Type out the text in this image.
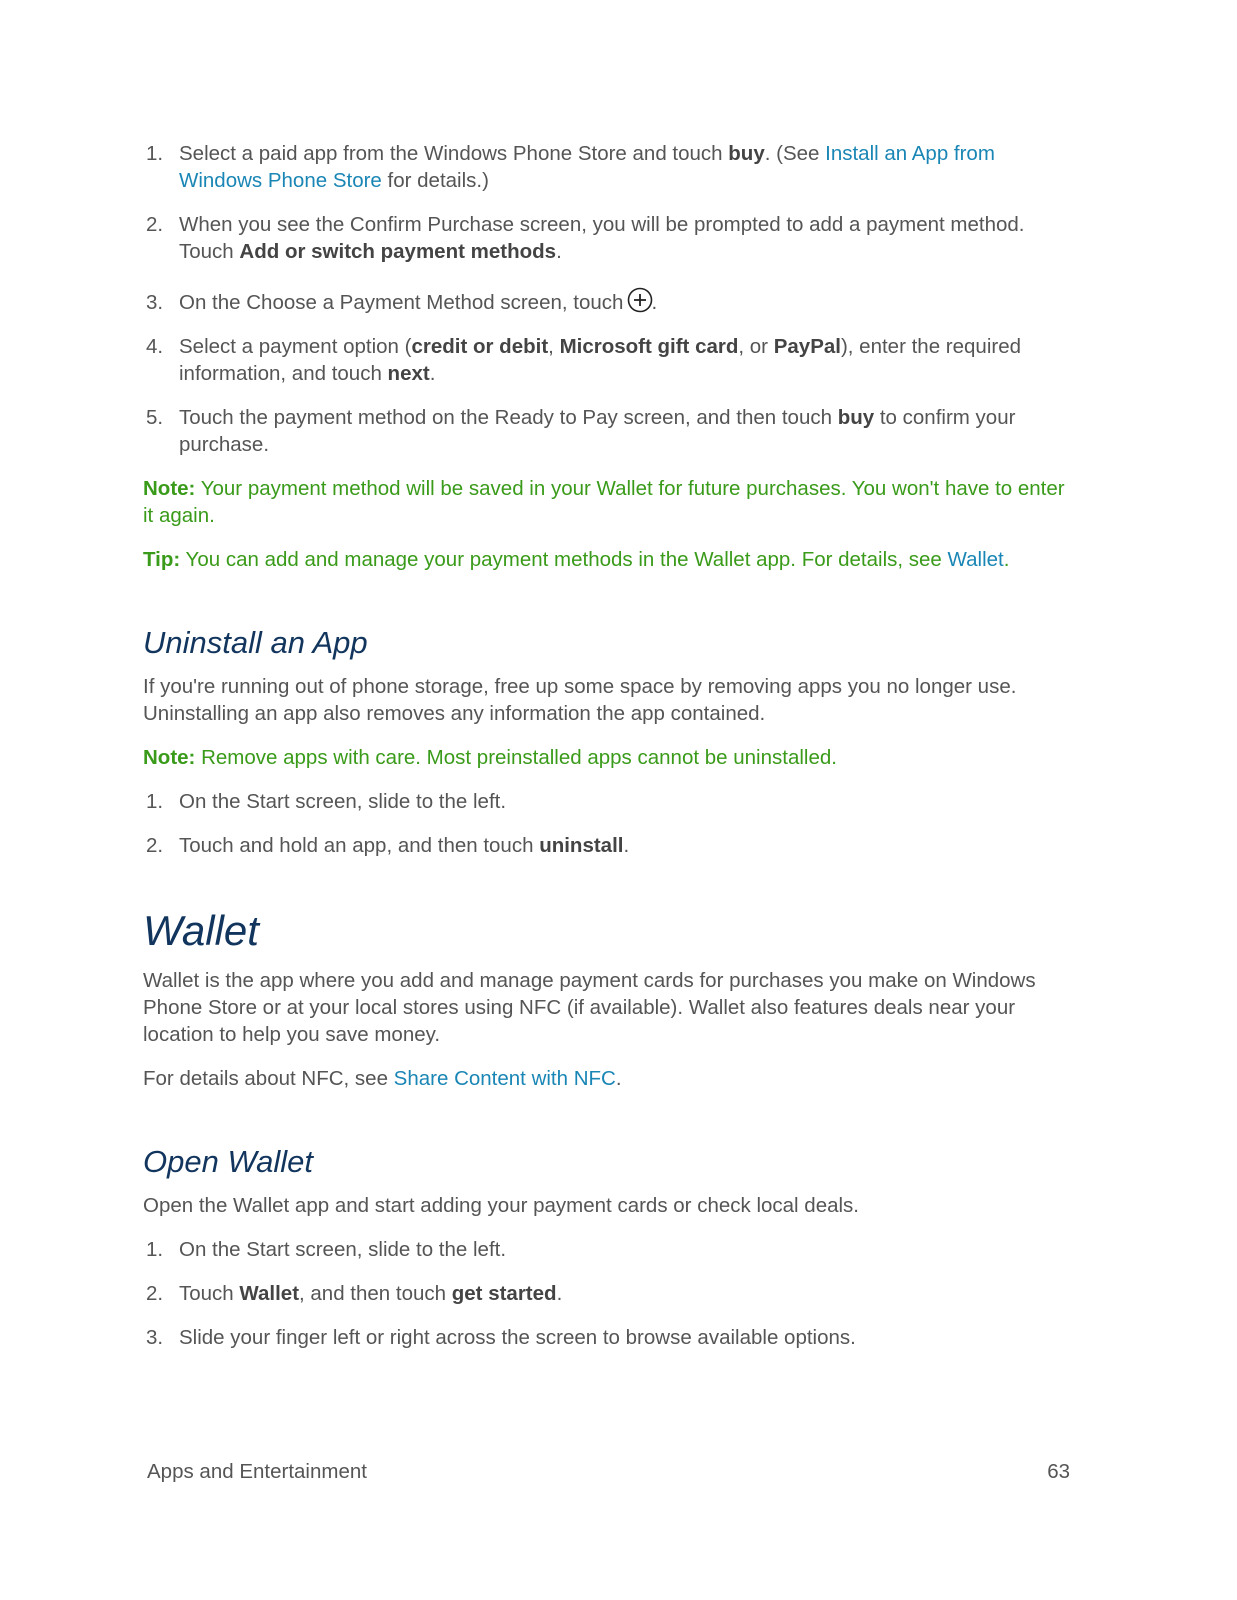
1. Select a paid app from the Windows Phone Store and touch buy. (See Install an App from Windows Phone Store for details.)
2. When you see the Confirm Purchase screen, you will be prompted to add a payment method. Touch Add or switch payment methods.
3. On the Choose a Payment Method screen, touch .
4. Select a payment option (credit or debit, Microsoft gift card, or PayPal), enter the required information, and touch next.
5. Touch the payment method on the Ready to Pay screen, and then touch buy to confirm your purchase.

Note: Your payment method will be saved in your Wallet for future purchases. You won't have to enter it again.

Tip: You can add and manage your payment methods in the Wallet app. For details, see Wallet.

Uninstall an App

If you're running out of phone storage, free up some space by removing apps you no longer use. Uninstalling an app also removes any information the app contained.

Note: Remove apps with care. Most preinstalled apps cannot be uninstalled.

1. On the Start screen, slide to the left.
2. Touch and hold an app, and then touch uninstall.
Wallet

Wallet is the app where you add and manage payment cards for purchases you make on Windows Phone Store or at your local stores using NFC (if available). Wallet also features deals near your location to help you save money.

For details about NFC, see Share Content with NFC.

Open Wallet

Open the Wallet app and start adding your payment cards or check local deals.

1. On the Start screen, slide to the left.
2. Touch Wallet, and then touch get started.
3. Slide your finger left or right across the screen to browse available options.
Apps and Entertainment	63
